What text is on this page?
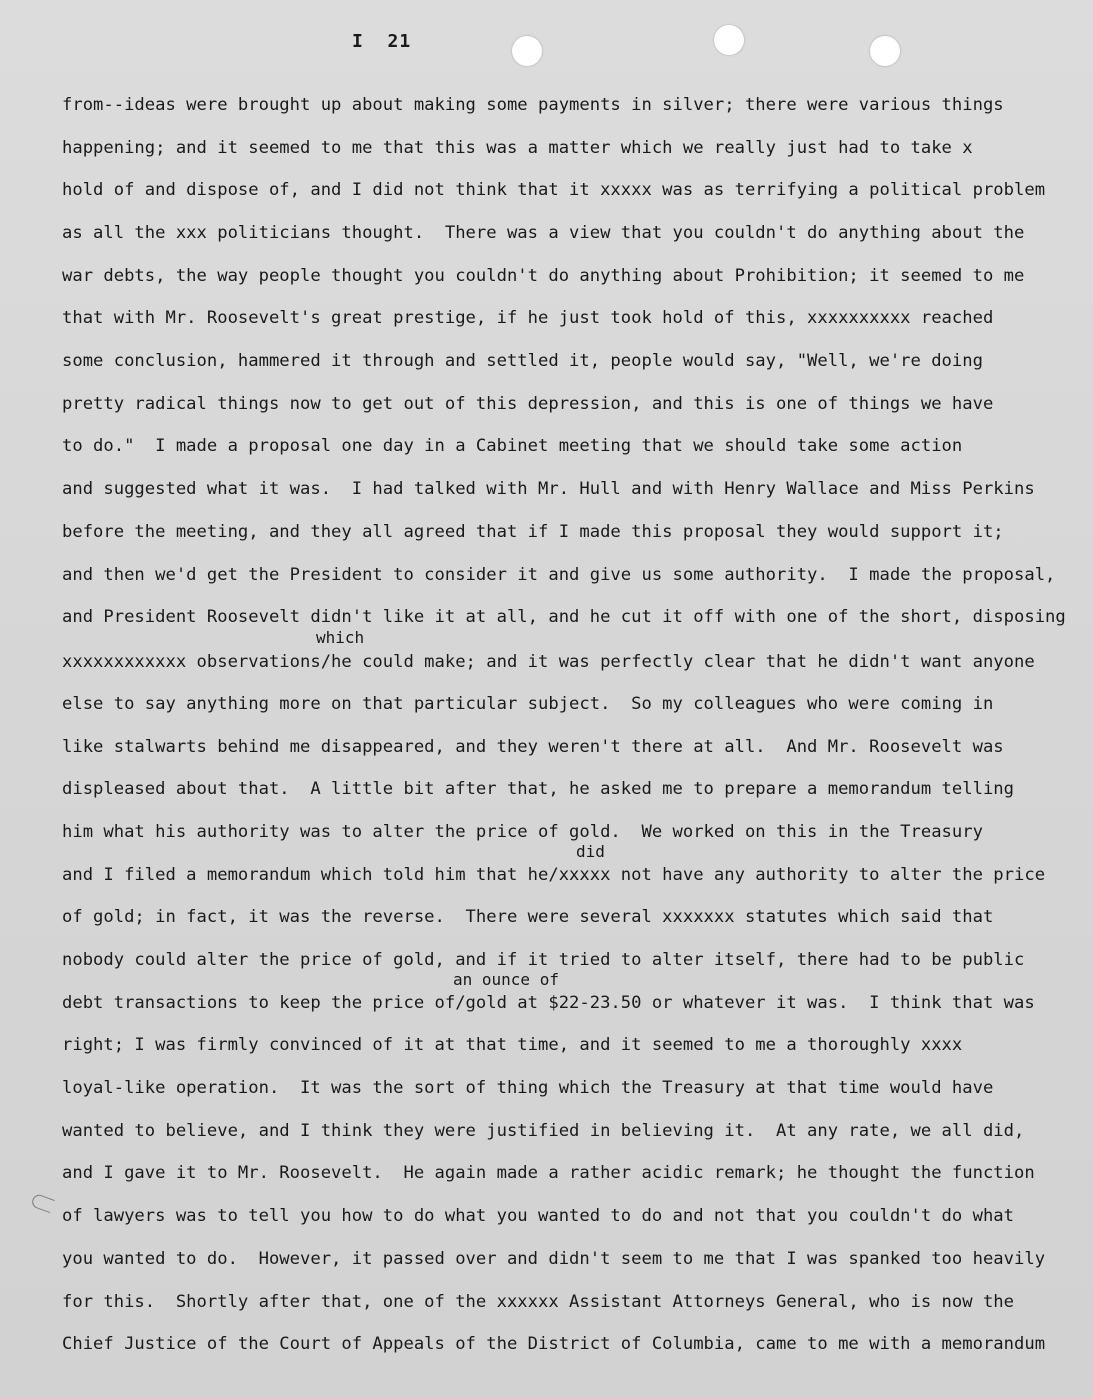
I  21
from--ideas were brought up about making some payments in silver; there were various things
happening; and it seemed to me that this was a matter which we really just had to take x
hold of and dispose of, and I did not think that it xxxxx was as terrifying a political problem
as all the xxx politicians thought.  There was a view that you couldn't do anything about the
war debts, the way people thought you couldn't do anything about Prohibition; it seemed to me
that with Mr. Roosevelt's great prestige, if he just took hold of this, xxxxxxxxxx reached
some conclusion, hammered it through and settled it, people would say, "Well, we're doing
pretty radical things now to get out of this depression, and this is one of things we have
to do."  I made a proposal one day in a Cabinet meeting that we should take some action
and suggested what it was.  I had talked with Mr. Hull and with Henry Wallace and Miss Perkins
before the meeting, and they all agreed that if I made this proposal they would support it;
and then we'd get the President to consider it and give us some authority.  I made the proposal,
and President Roosevelt didn't like it at all, and he cut it off with one of the short, disposing
which
xxxxxxxxxxxx observations/he could make; and it was perfectly clear that he didn't want anyone
else to say anything more on that particular subject.  So my colleagues who were coming in
like stalwarts behind me disappeared, and they weren't there at all.  And Mr. Roosevelt was
displeased about that.  A little bit after that, he asked me to prepare a memorandum telling
him what his authority was to alter the price of gold.  We worked on this in the Treasury
did
and I filed a memorandum which told him that he/xxxxx not have any authority to alter the price
of gold; in fact, it was the reverse.  There were several xxxxxxx statutes which said that
nobody could alter the price of gold, and if it tried to alter itself, there had to be public
an ounce of
debt transactions to keep the price of/gold at $22-23.50 or whatever it was.  I think that was
right; I was firmly convinced of it at that time, and it seemed to me a thoroughly xxxx
loyal-like operation.  It was the sort of thing which the Treasury at that time would have
wanted to believe, and I think they were justified in believing it.  At any rate, we all did,
and I gave it to Mr. Roosevelt.  He again made a rather acidic remark; he thought the function
of lawyers was to tell you how to do what you wanted to do and not that you couldn't do what
you wanted to do.  However, it passed over and didn't seem to me that I was spanked too heavily
for this.  Shortly after that, one of the xxxxxx Assistant Attorneys General, who is now the
Chief Justice of the Court of Appeals of the District of Columbia, came to me with a memorandum
